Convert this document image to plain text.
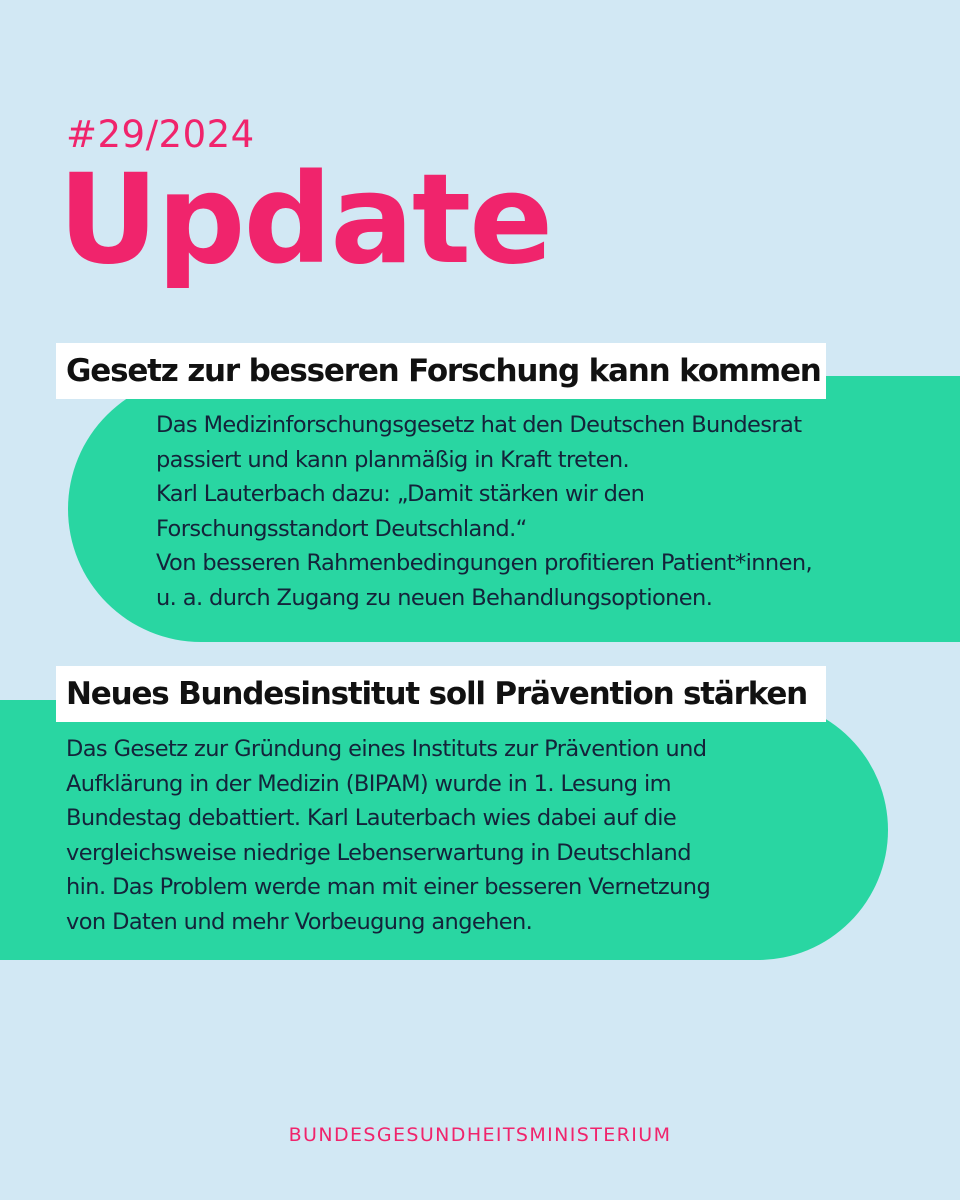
#29/2024
Update
Gesetz zur besseren Forschung kann kommen
Das Medizinforschungsgesetz hat den Deutschen Bundesrat
passiert und kann planmäßig in Kraft treten.
Karl Lauterbach dazu: „Damit stärken wir den
Forschungsstandort Deutschland.“
Von besseren Rahmenbedingungen profitieren Patient*innen,
u. a. durch Zugang zu neuen Behandlungsoptionen.
Neues Bundesinstitut soll Prävention stärken
Das Gesetz zur Gründung eines Instituts zur Prävention und
Aufklärung in der Medizin (BIPAM) wurde in 1. Lesung im
Bundestag debattiert. Karl Lauterbach wies dabei auf die
vergleichsweise niedrige Lebenserwartung in Deutschland
hin. Das Problem werde man mit einer besseren Vernetzung
von Daten und mehr Vorbeugung angehen.
BUNDESGESUNDHEITSMINISTERIUM
